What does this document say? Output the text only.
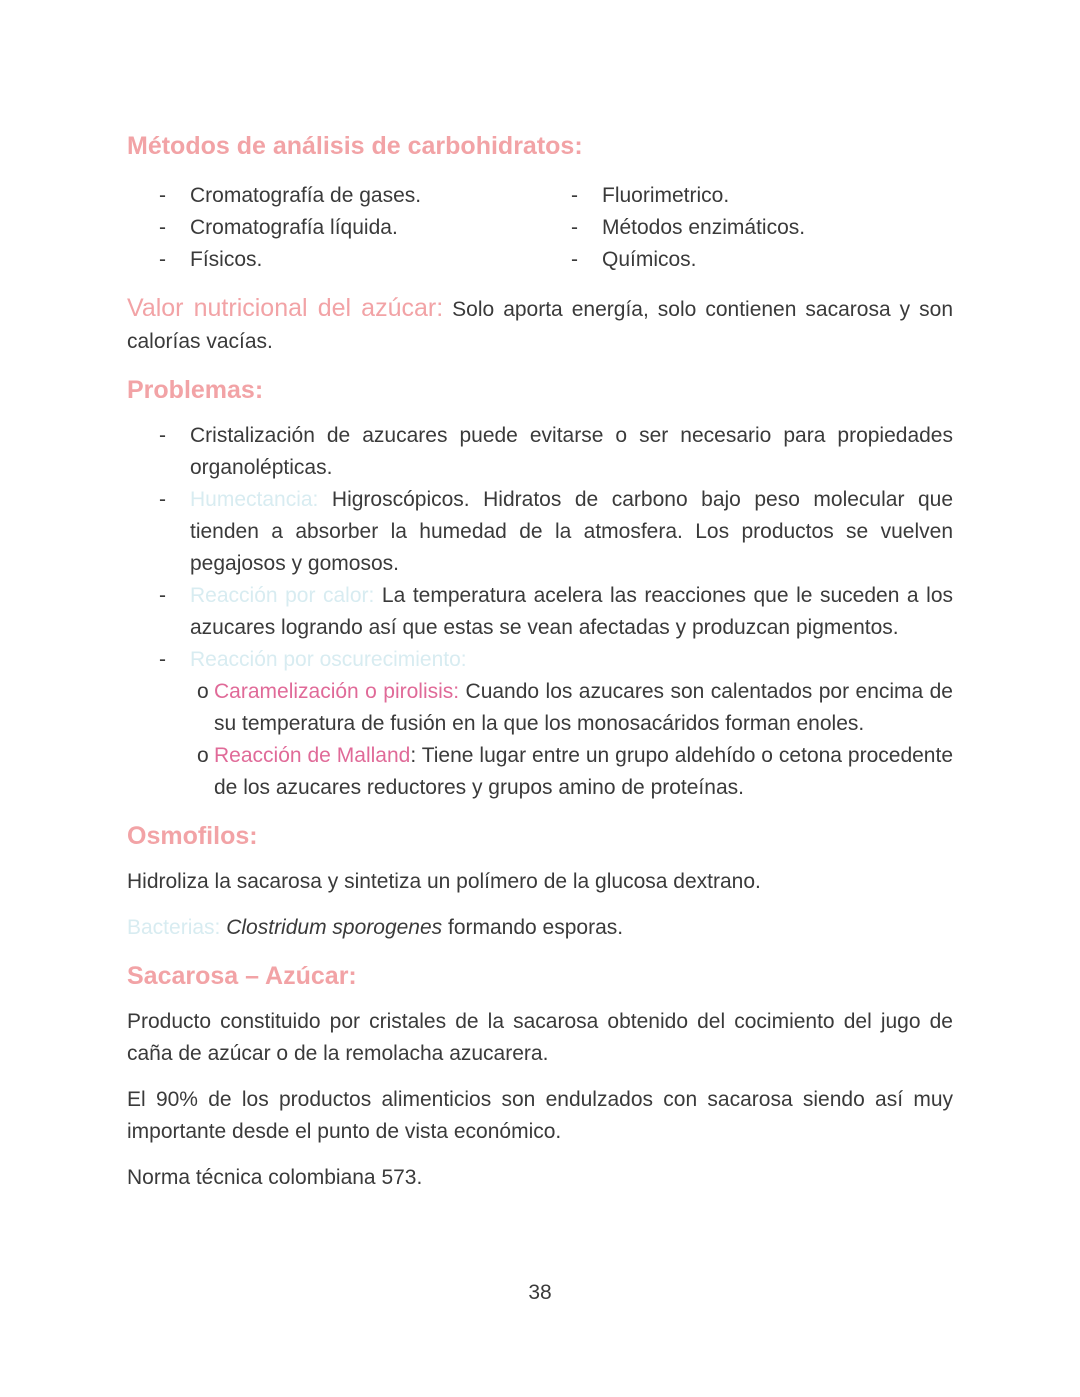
Métodos de análisis de carbohidratos:
-	Cromatografía de gases.
-	Cromatografía líquida.
-	Físicos.
-	Fluorimetrico.
-	Métodos enzimáticos.
-	Químicos.
Valor nutricional del azúcar: Solo aporta energía, solo contienen sacarosa y son calorías vacías.
Problemas:
-	Cristalización de azucares puede evitarse o ser necesario para propiedades organolépticas.
-	Humectancia: Higroscópicos. Hidratos de carbono bajo peso molecular que tienden a absorber la humedad de la atmosfera. Los productos se vuelven pegajosos y gomosos.
-	Reacción por calor: La temperatura acelera las reacciones que le suceden a los azucares logrando así que estas se vean afectadas y produzcan pigmentos.
-	Reacción por oscurecimiento:
o Caramelización o pirolisis: Cuando los azucares son calentados por encima de su temperatura de fusión en la que los monosacáridos forman enoles.
o Reacción de Malland: Tiene lugar entre un grupo aldehído o cetona procedente de los azucares reductores y grupos amino de proteínas.
Osmofilos:
Hidroliza la sacarosa y sintetiza un polímero de la glucosa dextrano.
Bacterias: Clostridum sporogenes formando esporas.
Sacarosa – Azúcar:
Producto constituido por cristales de la sacarosa obtenido del cocimiento del jugo de caña de azúcar o de la remolacha azucarera.
El 90% de los productos alimenticios son endulzados con sacarosa siendo así muy importante desde el punto de vista económico.
Norma técnica colombiana 573.
38
